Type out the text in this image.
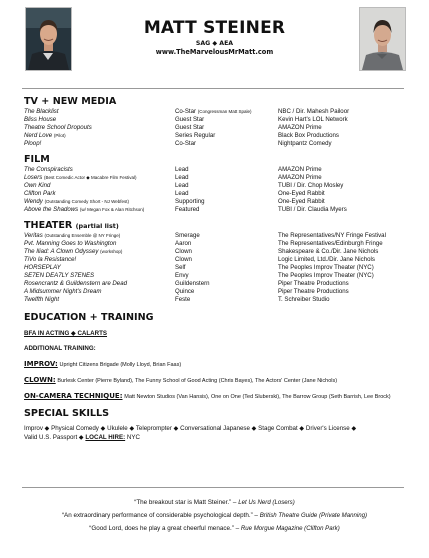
MATT STEINER
SAG ◆ AEA
www.TheMarvelousMrMatt.com
TV + NEW MEDIA
The Blacklist	Co-Star (Congressman Matt Spale)	NBC / Dir. Mahesh Pailoor
Bliss House	Guest Star	Kevin Hart's LOL Network
Theatre School Dropouts	Guest Star	AMAZON Prime
Nerd Love (Pilot)	Series Regular	Black Box Productions
Ploop!	Co-Star	Nightpantz Comedy
FILM
The Conspiracists	Lead	AMAZON Prime
Losers (Best Comedic Actor ◆ Macabre Film Festival)	Lead	AMAZON Prime
Own Kind	Lead	TUBI / Dir. Chop Mosley
Clifton Park	Lead	One-Eyed Rabbit
Wendy (Outstanding Comedy Short - NJ Webfest)	Supporting	One-Eyed Rabbit
Above the Shadows (w/ Megan Fox & Alan Ritchson)	Featured	TUBI / Dir. Claudia Myers
THEATER (partial list)
Veritas (Outstanding Ensemble @ NY Fringe)	Smerage	The Representatives/NY Fringe Festival
Pvt. Manning Goes to Washington	Aaron	The Representatives/Edinburgh Fringe
The Iliad: A Clown Odyssey (workshop)	Clown	Shakespeare & Co./Dir. Jane Nichols
TiVo la Resistance!	Clown	Logic Limited, Ltd./Dir. Jane Nichols
HORSEPLAY	Self	The Peoples Improv Theater (NYC)
SE7EN DEA7LY S7ENES	Envy	The Peoples Improv Theater (NYC)
Rosencrantz & Guildenstern are Dead	Guildenstern	Piper Theatre Productions
A Midsummer Night's Dream	Quince	Piper Theatre Productions
Twelfth Night	Feste	T. Schreiber Studio
EDUCATION + TRAINING
BFA IN ACTING ◆ CALARTS
ADDITIONAL TRAINING:
IMPROV: Upright Citizens Brigade (Molly Lloyd, Brian Faas)
CLOWN: Burlesk Center (Pierre Byland), The Funny School of Good Acting (Chris Bayes), The Actors' Center (Jane Nichols)
ON-CAMERA TECHNIQUE: Matt Newton Studios (Van Hansis), One on One (Ted Sluberski), The Barrow Group (Seth Barrish, Lee Brock)
SPECIAL SKILLS
Improv ◆ Physical Comedy ◆ Ukulele ◆ Teleprompter ◆ Conversational Japanese ◆ Stage Combat ◆ Driver's License ◆
Valid U.S. Passport ◆ LOCAL HIRE: NYC
“The breakout star is Matt Steiner.” – Let Us Nerd (Losers)
“An extraordinary performance of considerable psychological depth.” – British Theatre Guide (Private Manning)
“Good Lord, does he play a great cheerful menace.” – Rue Morgue Magazine (Clifton Park)
